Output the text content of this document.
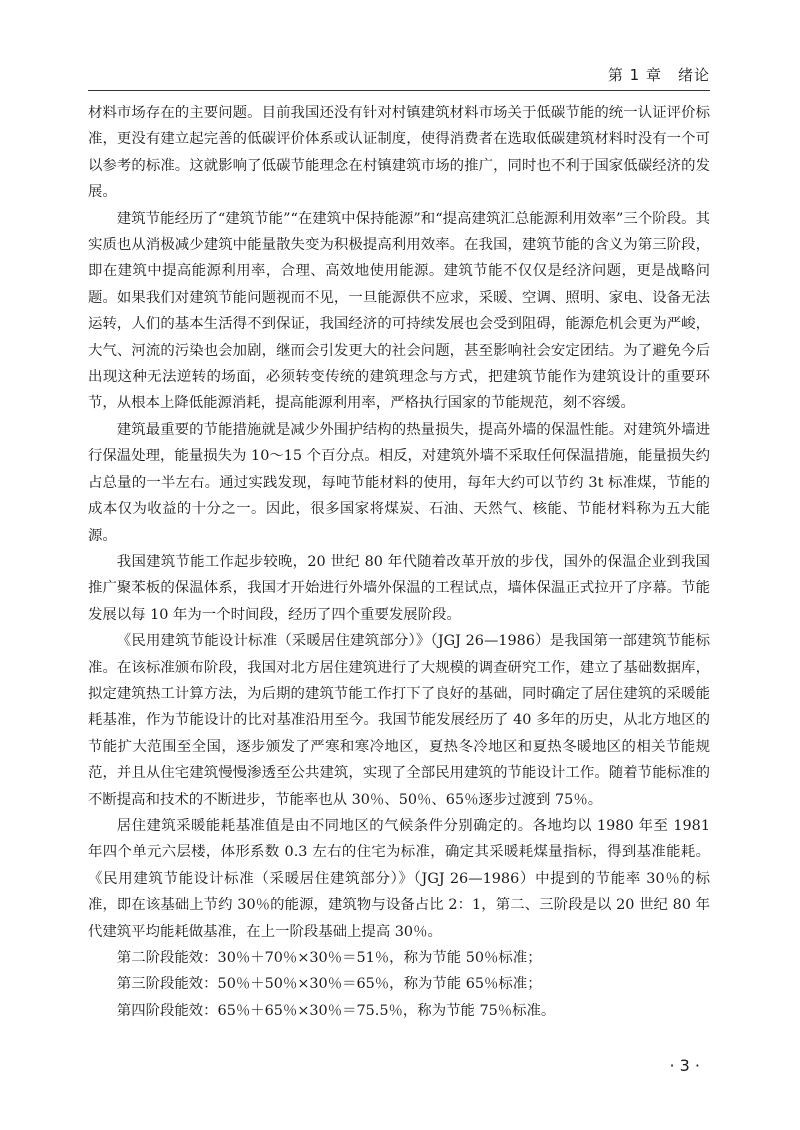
第 1 章　绪论

材料市场存在的主要问题。目前我国还没有针对村镇建筑材料市场关于低碳节能的统一认证评价标准，更没有建立起完善的低碳评价体系或认证制度，使得消费者在选取低碳建筑材料时没有一个可以参考的标准。这就影响了低碳节能理念在村镇建筑市场的推广，同时也不利于国家低碳经济的发展。

建筑节能经历了“建筑节能”“在建筑中保持能源”和“提高建筑汇总能源利用效率”三个阶段。其实质也从消极减少建筑中能量散失变为积极提高利用效率。在我国，建筑节能的含义为第三阶段，即在建筑中提高能源利用率，合理、高效地使用能源。建筑节能不仅仅是经济问题，更是战略问题。如果我们对建筑节能问题视而不见，一旦能源供不应求，采暖、空调、照明、家电、设备无法运转，人们的基本生活得不到保证，我国经济的可持续发展也会受到阻碍，能源危机会更为严峻，大气、河流的污染也会加剧，继而会引发更大的社会问题，甚至影响社会安定团结。为了避免今后出现这种无法逆转的场面，必须转变传统的建筑理念与方式，把建筑节能作为建筑设计的重要环节，从根本上降低能源消耗，提高能源利用率，严格执行国家的节能规范，刻不容缓。

建筑最重要的节能措施就是减少外围护结构的热量损失，提高外墙的保温性能。对建筑外墙进行保温处理，能量损失为 10～15 个百分点。相反，对建筑外墙不采取任何保温措施，能量损失约占总量的一半左右。通过实践发现，每吨节能材料的使用，每年大约可以节约 3t 标准煤，节能的成本仅为收益的十分之一。因此，很多国家将煤炭、石油、天然气、核能、节能材料称为五大能源。

我国建筑节能工作起步较晚，20 世纪 80 年代随着改革开放的步伐，国外的保温企业到我国推广聚苯板的保温体系，我国才开始进行外墙外保温的工程试点，墙体保温正式拉开了序幕。节能发展以每 10 年为一个时间段，经历了四个重要发展阶段。

《民用建筑节能设计标准（采暖居住建筑部分）》（JGJ 26—1986）是我国第一部建筑节能标准。在该标准颁布阶段，我国对北方居住建筑进行了大规模的调查研究工作，建立了基础数据库，拟定建筑热工计算方法，为后期的建筑节能工作打下了良好的基础，同时确定了居住建筑的采暖能耗基准，作为节能设计的比对基准沿用至今。我国节能发展经历了 40 多年的历史，从北方地区的节能扩大范围至全国，逐步颁发了严寒和寒冷地区，夏热冬冷地区和夏热冬暖地区的相关节能规范，并且从住宅建筑慢慢渗透至公共建筑，实现了全部民用建筑的节能设计工作。随着节能标准的不断提高和技术的不断进步，节能率也从 30％、50％、65％逐步过渡到 75％。

居住建筑采暖能耗基准值是由不同地区的气候条件分别确定的。各地均以 1980 年至 1981 年四个单元六层楼，体形系数 0.3 左右的住宅为标准，确定其采暖耗煤量指标，得到基准能耗。《民用建筑节能设计标准（采暖居住建筑部分）》（JGJ 26—1986）中提到的节能率 30％的标准，即在该基础上节约 30％的能源，建筑物与设备占比 2：1，第二、三阶段是以 20 世纪 80 年代建筑平均能耗做基准，在上一阶段基础上提高 30％。

第二阶段能效：30％＋70％×30％＝51％，称为节能 50％标准；

第三阶段能效：50％＋50％×30％＝65％，称为节能 65％标准；

第四阶段能效：65％＋65％×30％＝75.5％，称为节能 75％标准。

· 3 ·
